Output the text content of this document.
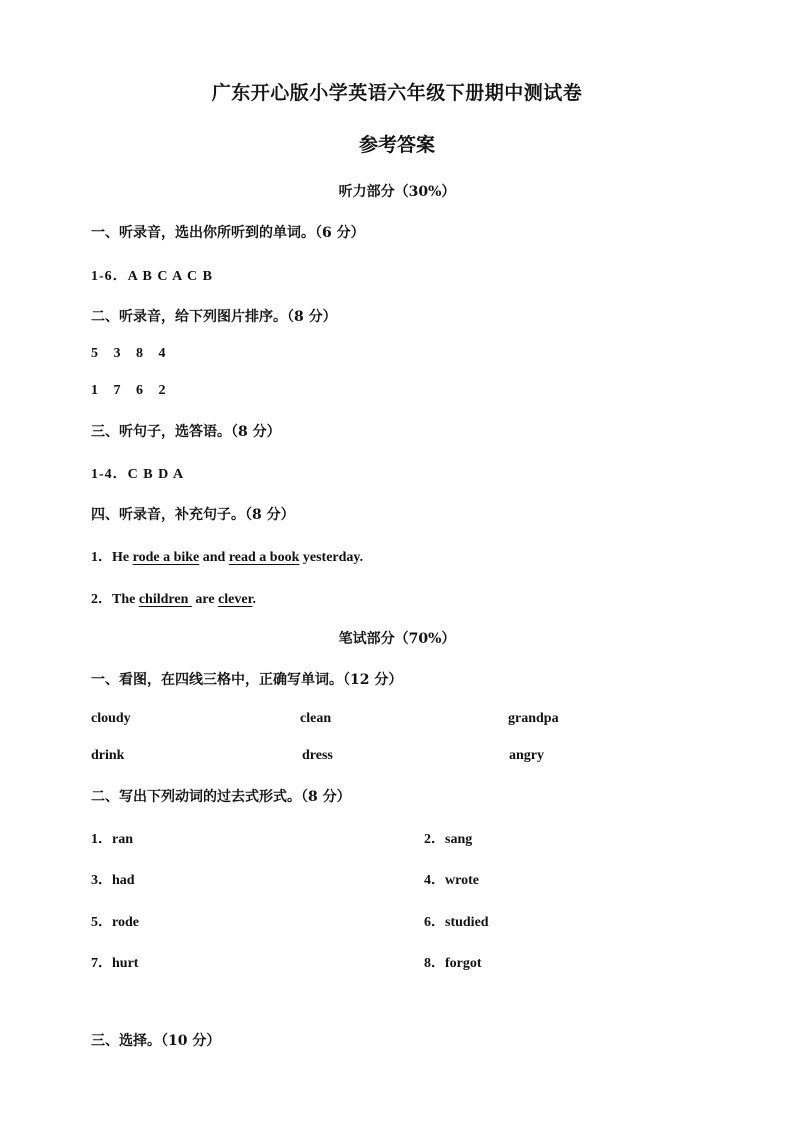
广东开心版小学英语六年级下册期中测试卷
参考答案
听力部分（30%）
一、听录音，选出你所听到的单词。（6 分）
1-6．A B C A C B
二、听录音，给下列图片排序。（8 分）
5 3 8 4
1 7 6 2
三、听句子，选答语。（8 分）
1-4．C B D A
四、听录音，补充句子。（8 分）
1．He rode a bike and read a book yesterday.
2．The children  are clever.
笔试部分（70%）
一、看图，在四线三格中，正确写单词。（12 分）
cloudy	clean	grandpa
drink	dress	angry
二、写出下列动词的过去式形式。（8 分）
1．ran	2．sang
3．had	4．wrote
5．rode	6．studied
7．hurt	8．forgot
三、选择。（10 分）
